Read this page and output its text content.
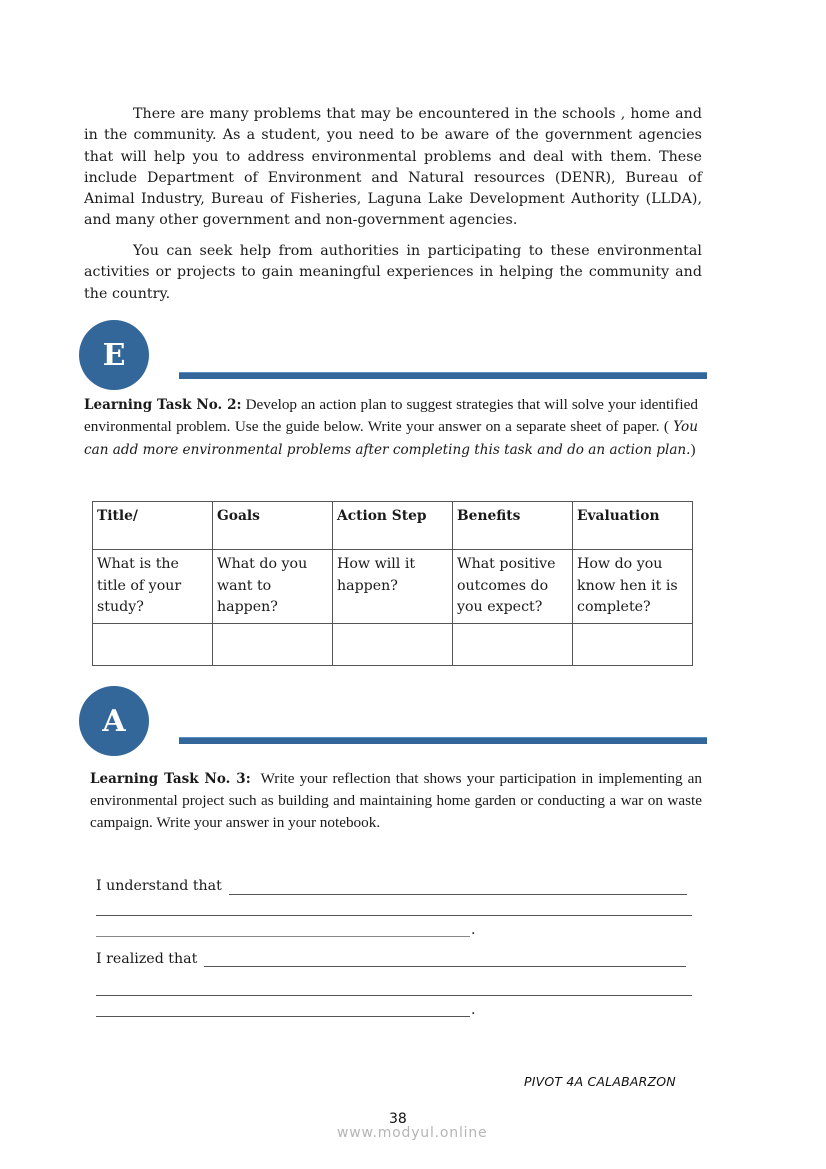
There are many problems that may be encountered in the schools , home and in the community. As a student, you need to be aware of the government agencies that will help you to address environmental problems and deal with them. These include Department of Environment and Natural resources (DENR), Bureau of Animal Industry, Bureau of Fisheries, Laguna Lake Development Authority (LLDA), and many other government and non-government agencies.
You can seek help from authorities in participating to these environmental activities or projects to gain meaningful experiences in helping the community and the country.
E
Learning Task No. 2: Develop an action plan to suggest strategies that will solve your identified environmental problem. Use the guide below. Write your answer on a separate sheet of paper. ( You can add more environmental problems after completing this task and do an action plan.)
Title/	Goals	Action Step	Benefits	Evaluation
What is the title of your study?	What do you want to happen?	How will it happen?	What positive outcomes do you expect?	How do you know hen it is complete?

A
Learning Task No. 3: Write your reflection that shows your participation in implementing an environmental project such as building and maintaining home garden or conducting a war on waste campaign. Write your answer in your notebook.
I understand that
.
I realized that
.
PIVOT 4A CALABARZON
38
www.modyul.online
